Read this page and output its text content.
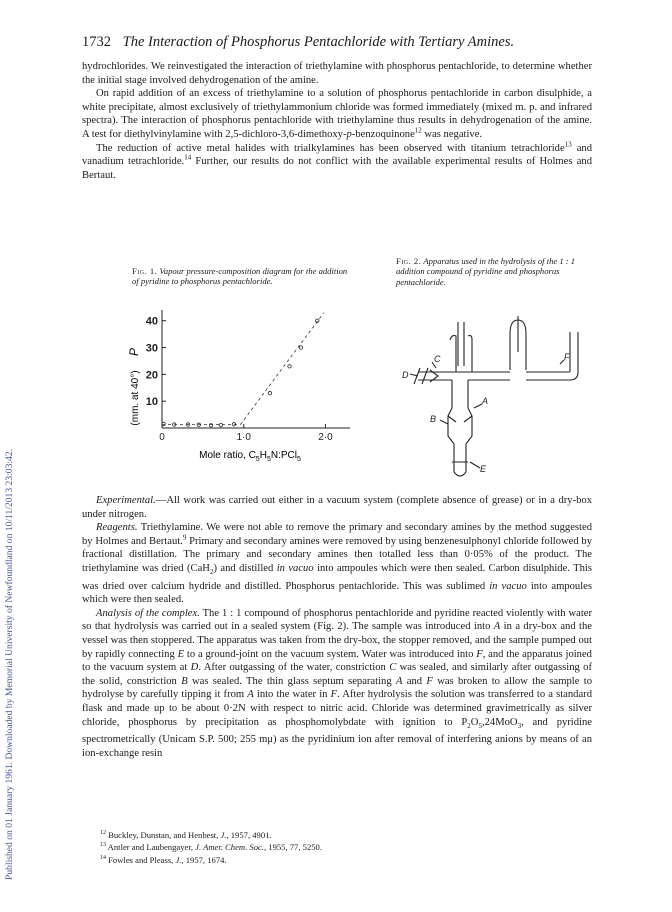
Published on 01 January 1961. Downloaded by Memorial University of Newfoundland on 10/11/2013 23:03:42.
1732 The Interaction of Phosphorus Pentachloride with Tertiary Amines.

hydrochlorides. We reinvestigated the interaction of triethylamine with phosphorus pentachloride, to determine whether the initial stage involved dehydrogenation of the amine.

On rapid addition of an excess of triethylamine to a solution of phosphorus pentachloride in carbon disulphide, a white precipitate, almost exclusively of triethylammonium chloride was formed immediately (mixed m. p. and infrared spectra). The interaction of phosphorus pentachloride with triethylamine thus results in dehydrogenation of the amine. A test for diethylvinylamine with 2,5-dichloro-3,6-dimethoxy-p-benzoquinone$^{12}$ was negative.

The reduction of active metal halides with trialkylamines has been observed with titanium tetrachloride$^{13}$ and vanadium tetrachloride.$^{14}$ Further, our results do not conflict with the available experimental results of Holmes and Bertaut.

Fig. 1. Vapour pressure-composition diagram for the addition of pyridine to phosphorus pentachloride.
P
(mm. at 40°)
0	1·0	2·0
10
20
30
40
Mole ratio, $C_5H_5N:PCl_5$
Fig. 2. Apparatus used in the hydrolysis of the 1 : 1 addition compound of pyridine and phosphorus pentachloride.
D
C
A
B
E
F

Experimental.—All work was carried out either in a vacuum system (complete absence of grease) or in a dry-box under nitrogen.

Reagents. Triethylamine. We were not able to remove the primary and secondary amines by the method suggested by Holmes and Bertaut.$^9$ Primary and secondary amines were removed by using benzenesulphonyl chloride followed by fractional distillation. The primary and secondary amines then totalled less than 0·05% of the product. The triethylamine was dried (CaH$_2$) and distilled in vacuo into ampoules which were then sealed. Carbon disulphide. This was dried over calcium hydride and distilled. Phosphorus pentachloride. This was sublimed in vacuo into ampoules which were then sealed.

Analysis of the complex. The 1 : 1 compound of phosphorus pentachloride and pyridine reacted violently with water so that hydrolysis was carried out in a sealed system (Fig. 2). The sample was introduced into A in a dry-box and the vessel was then stoppered. The apparatus was taken from the dry-box, the stopper removed, and the sample pumped out by rapidly connecting E to a ground-joint on the vacuum system. Water was introduced into F, and the apparatus joined to the vacuum system at D. After outgassing of the water, constriction C was sealed, and similarly after outgassing of the solid, constriction B was sealed. The thin glass septum separating A and F was broken to allow the sample to hydrolyse by carefully tipping it from A into the water in F. After hydrolysis the solution was transferred to a standard flask and made up to be about 0·2N with respect to nitric acid. Chloride was determined gravimetrically as silver chloride, phosphorus by precipitation as phosphomolybdate with ignition to $P_2O_5,24MoO_3$, and pyridine spectrometrically (Unicam S.P. 500; 255 mμ) as the pyridinium ion after removal of interfering anions by means of an ion-exchange resin

$^{12}$ Buckley, Dunstan, and Henbest, J., 1957, 4901.
$^{13}$ Antler and Laubengayer, J. Amer. Chem. Soc., 1955, 77, 5250.
$^{14}$ Fowles and Pleass, J., 1957, 1674.
